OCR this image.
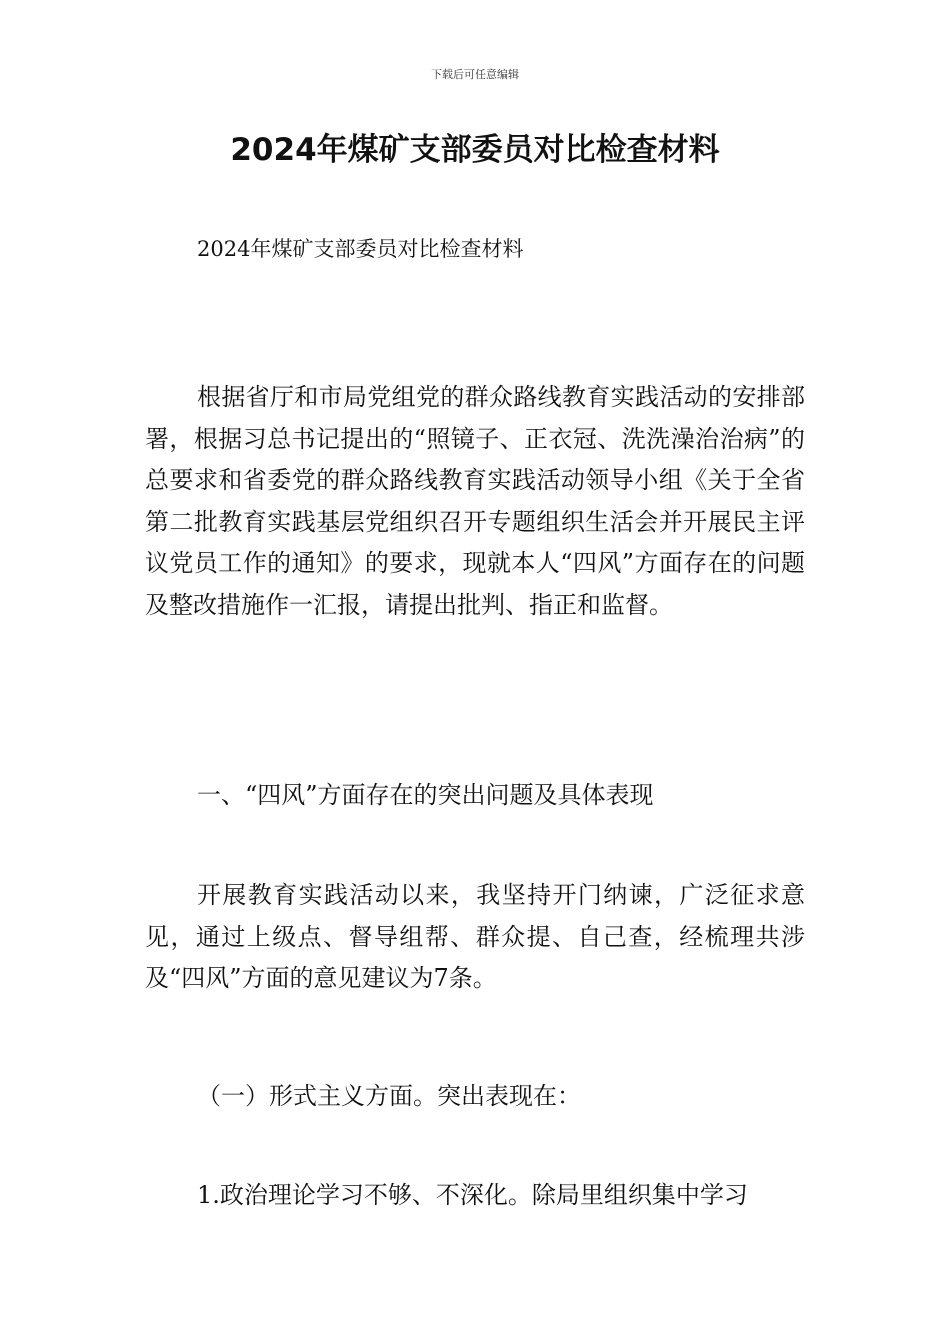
下载后可任意编辑
2024年煤矿支部委员对比检查材料

2024年煤矿支部委员对比检查材料

根据省厅和市局党组党的群众路线教育实践活动的安排部署，根据习总书记提出的“照镜子、正衣冠、洗洗澡治治病”的总要求和省委党的群众路线教育实践活动领导小组《关于全省第二批教育实践基层党组织召开专题组织生活会并开展民主评议党员工作的通知》的要求，现就本人“四风”方面存在的问题及整改措施作一汇报，请提出批判、指正和监督。

一、“四风”方面存在的突出问题及具体表现

开展教育实践活动以来，我坚持开门纳谏，广泛征求意见，通过上级点、督导组帮、群众提、自己查，经梳理共涉及“四风”方面的意见建议为7条。

（一）形式主义方面。突出表现在：

1.政治理论学习不够、不深化。除局里组织集中学习
